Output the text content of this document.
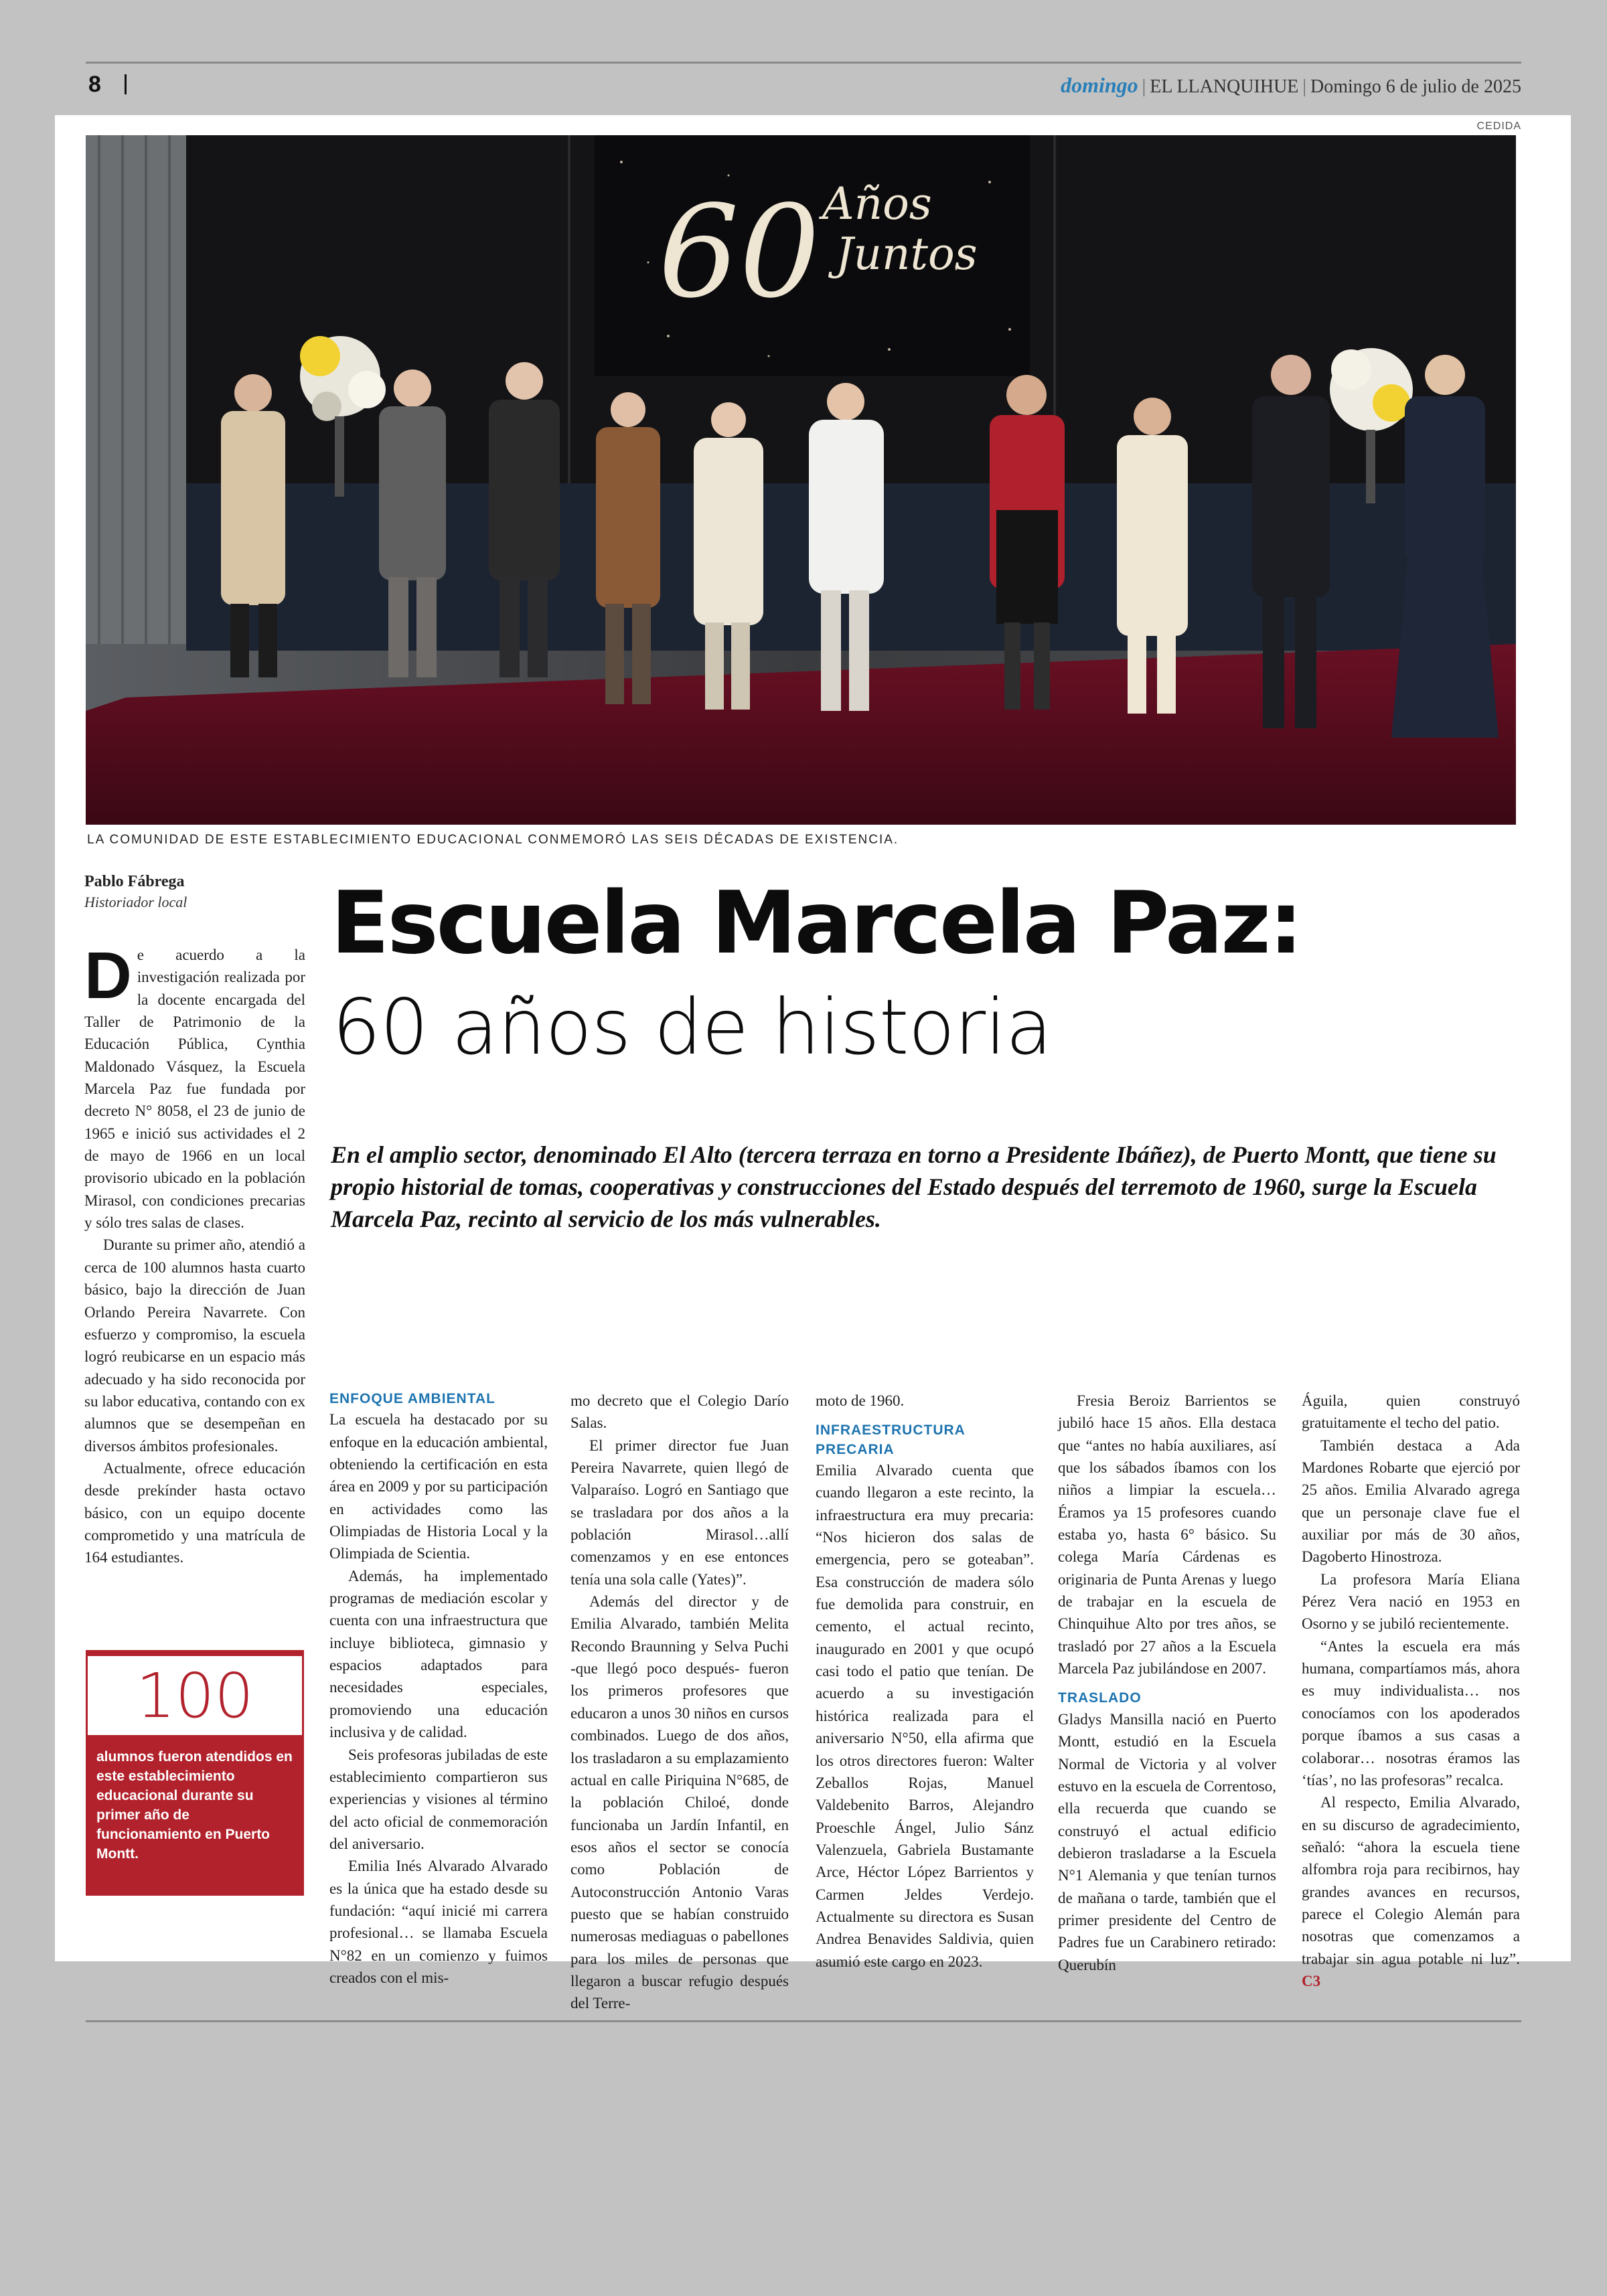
8	domingo | EL LLANQUIHUE | Domingo 6 de julio de 2025
CEDIDA
60 Años
Juntos
LA COMUNIDAD DE ESTE ESTABLECIMIENTO EDUCACIONAL CONMEMORÓ LAS SEIS DÉCADAS DE EXISTENCIA.
Pablo Fábrega
Historiador local	Escuela Marcela Paz:
60 años de historia
En el amplio sector, denominado El Alto (tercera terraza en torno a Presidente Ibáñez), de Puerto Montt, que tiene su propio historial de tomas, cooperativas y construcciones del Estado después del terremoto de 1960, surge la Escuela Marcela Paz, recinto al servicio de los más vulnerables.

De acuerdo a la investigación realizada por la docente encargada del Taller de Patrimonio de la Educación Pública, Cynthia Maldonado Vásquez, la Escuela Marcela Paz fue fundada por decreto N° 8058, el 23 de junio de 1965 e inició sus actividades el 2 de mayo de 1966 en un local provisorio ubicado en la población Mirasol, con condiciones precarias y sólo tres salas de clases.

Durante su primer año, atendió a cerca de 100 alumnos hasta cuarto básico, bajo la dirección de Juan Orlando Pereira Navarrete. Con esfuerzo y compromiso, la escuela logró reubicarse en un espacio más adecuado y ha sido reconocida por su labor educativa, contando con ex alumnos que se desempeñan en diversos ámbitos profesionales.

Actualmente, ofrece educación desde prekínder hasta octavo básico, con un equipo docente comprometido y una matrícula de 164 estudiantes.

100
alumnos fueron atendidos en este establecimiento educacional durante su primer año de funcionamiento en Puerto Montt.
ENFOQUE AMBIENTAL

La escuela ha destacado por su enfoque en la educación ambiental, obteniendo la certificación en esta área en 2009 y por su participación en actividades como las Olimpiadas de Historia Local y la Olimpiada de Scientia.

Además, ha implementado programas de mediación escolar y cuenta con una infraestructura que incluye biblioteca, gimnasio y espacios adaptados para necesidades especiales, promoviendo una educación inclusiva y de calidad.

Seis profesoras jubiladas de este establecimiento compartieron sus experiencias y visiones al término del acto oficial de conmemoración del aniversario.

Emilia Inés Alvarado Alvarado es la única que ha estado desde su fundación: “aquí inicié mi carrera profesional… se llamaba Escuela N°82 en un comienzo y fuimos creados con el mis-

mo decreto que el Colegio Darío Salas.

El primer director fue Juan Pereira Navarrete, quien llegó de Valparaíso. Logró en Santiago que se trasladara por dos años a la población Mirasol…allí comenzamos y en ese entonces tenía una sola calle (Yates)”.

Además del director y de Emilia Alvarado, también Melita Recondo Braunning y Selva Puchi -que llegó poco después- fueron los primeros profesores que educaron a unos 30 niños en cursos combinados. Luego de dos años, los trasladaron a su emplazamiento actual en calle Piriquina N°685, de la población Chiloé, donde funcionaba un Jardín Infantil, en esos años el sector se conocía como Población de Autoconstrucción Antonio Varas puesto que se habían construido numerosas mediaguas o pabellones para los miles de personas que llegaron a buscar refugio después del Terre-

moto de 1960.

INFRAESTRUCTURA PRECARIA

Emilia Alvarado cuenta que cuando llegaron a este recinto, la infraestructura era muy precaria: “Nos hicieron dos salas de emergencia, pero se goteaban”. Esa construcción de madera sólo fue demolida para construir, en cemento, el actual recinto, inaugurado en 2001 y que ocupó casi todo el patio que tenían. De acuerdo a su investigación histórica realizada para el aniversario N°50, ella afirma que los otros directores fueron: Walter Zeballos Rojas, Manuel Valdebenito Barros, Alejandro Proeschle Ángel, Julio Sánz Valenzuela, Gabriela Bustamante Arce, Héctor López Barrientos y Carmen Jeldes Verdejo. Actualmente su directora es Susan Andrea Benavides Saldivia, quien asumió este cargo en 2023.

Fresia Beroiz Barrientos se jubiló hace 15 años. Ella destaca que “antes no había auxiliares, así que los sábados íbamos con los niños a limpiar la escuela… Éramos ya 15 profesores cuando estaba yo, hasta 6° básico. Su colega María Cárdenas es originaria de Punta Arenas y luego de trabajar en la escuela de Chinquihue Alto por tres años, se trasladó por 27 años a la Escuela Marcela Paz jubilándose en 2007.

TRASLADO

Gladys Mansilla nació en Puerto Montt, estudió en la Escuela Normal de Victoria y al volver estuvo en la escuela de Correntoso, ella recuerda que cuando se construyó el actual edificio debieron trasladarse a la Escuela N°1 Alemania y que tenían turnos de mañana o tarde, también que el primer presidente del Centro de Padres fue un Carabinero retirado: Querubín

Águila, quien construyó gratuitamente el techo del patio.

También destaca a Ada Mardones Robarte que ejerció por 25 años. Emilia Alvarado agrega que un personaje clave fue el auxiliar por más de 30 años, Dagoberto Hinostroza.

La profesora María Eliana Pérez Vera nació en 1953 en Osorno y se jubiló recientemente.

“Antes la escuela era más humana, compartíamos más, ahora es muy individualista… nos conocíamos con los apoderados porque íbamos a sus casas a colaborar… nosotras éramos las ‘tías’, no las profesoras” recalca.

Al respecto, Emilia Alvarado, en su discurso de agradecimiento, señaló: “ahora la escuela tiene alfombra roja para recibirnos, hay grandes avances en recursos, parece el Colegio Alemán para nosotras que comenzamos a trabajar sin agua potable ni luz”. C3
